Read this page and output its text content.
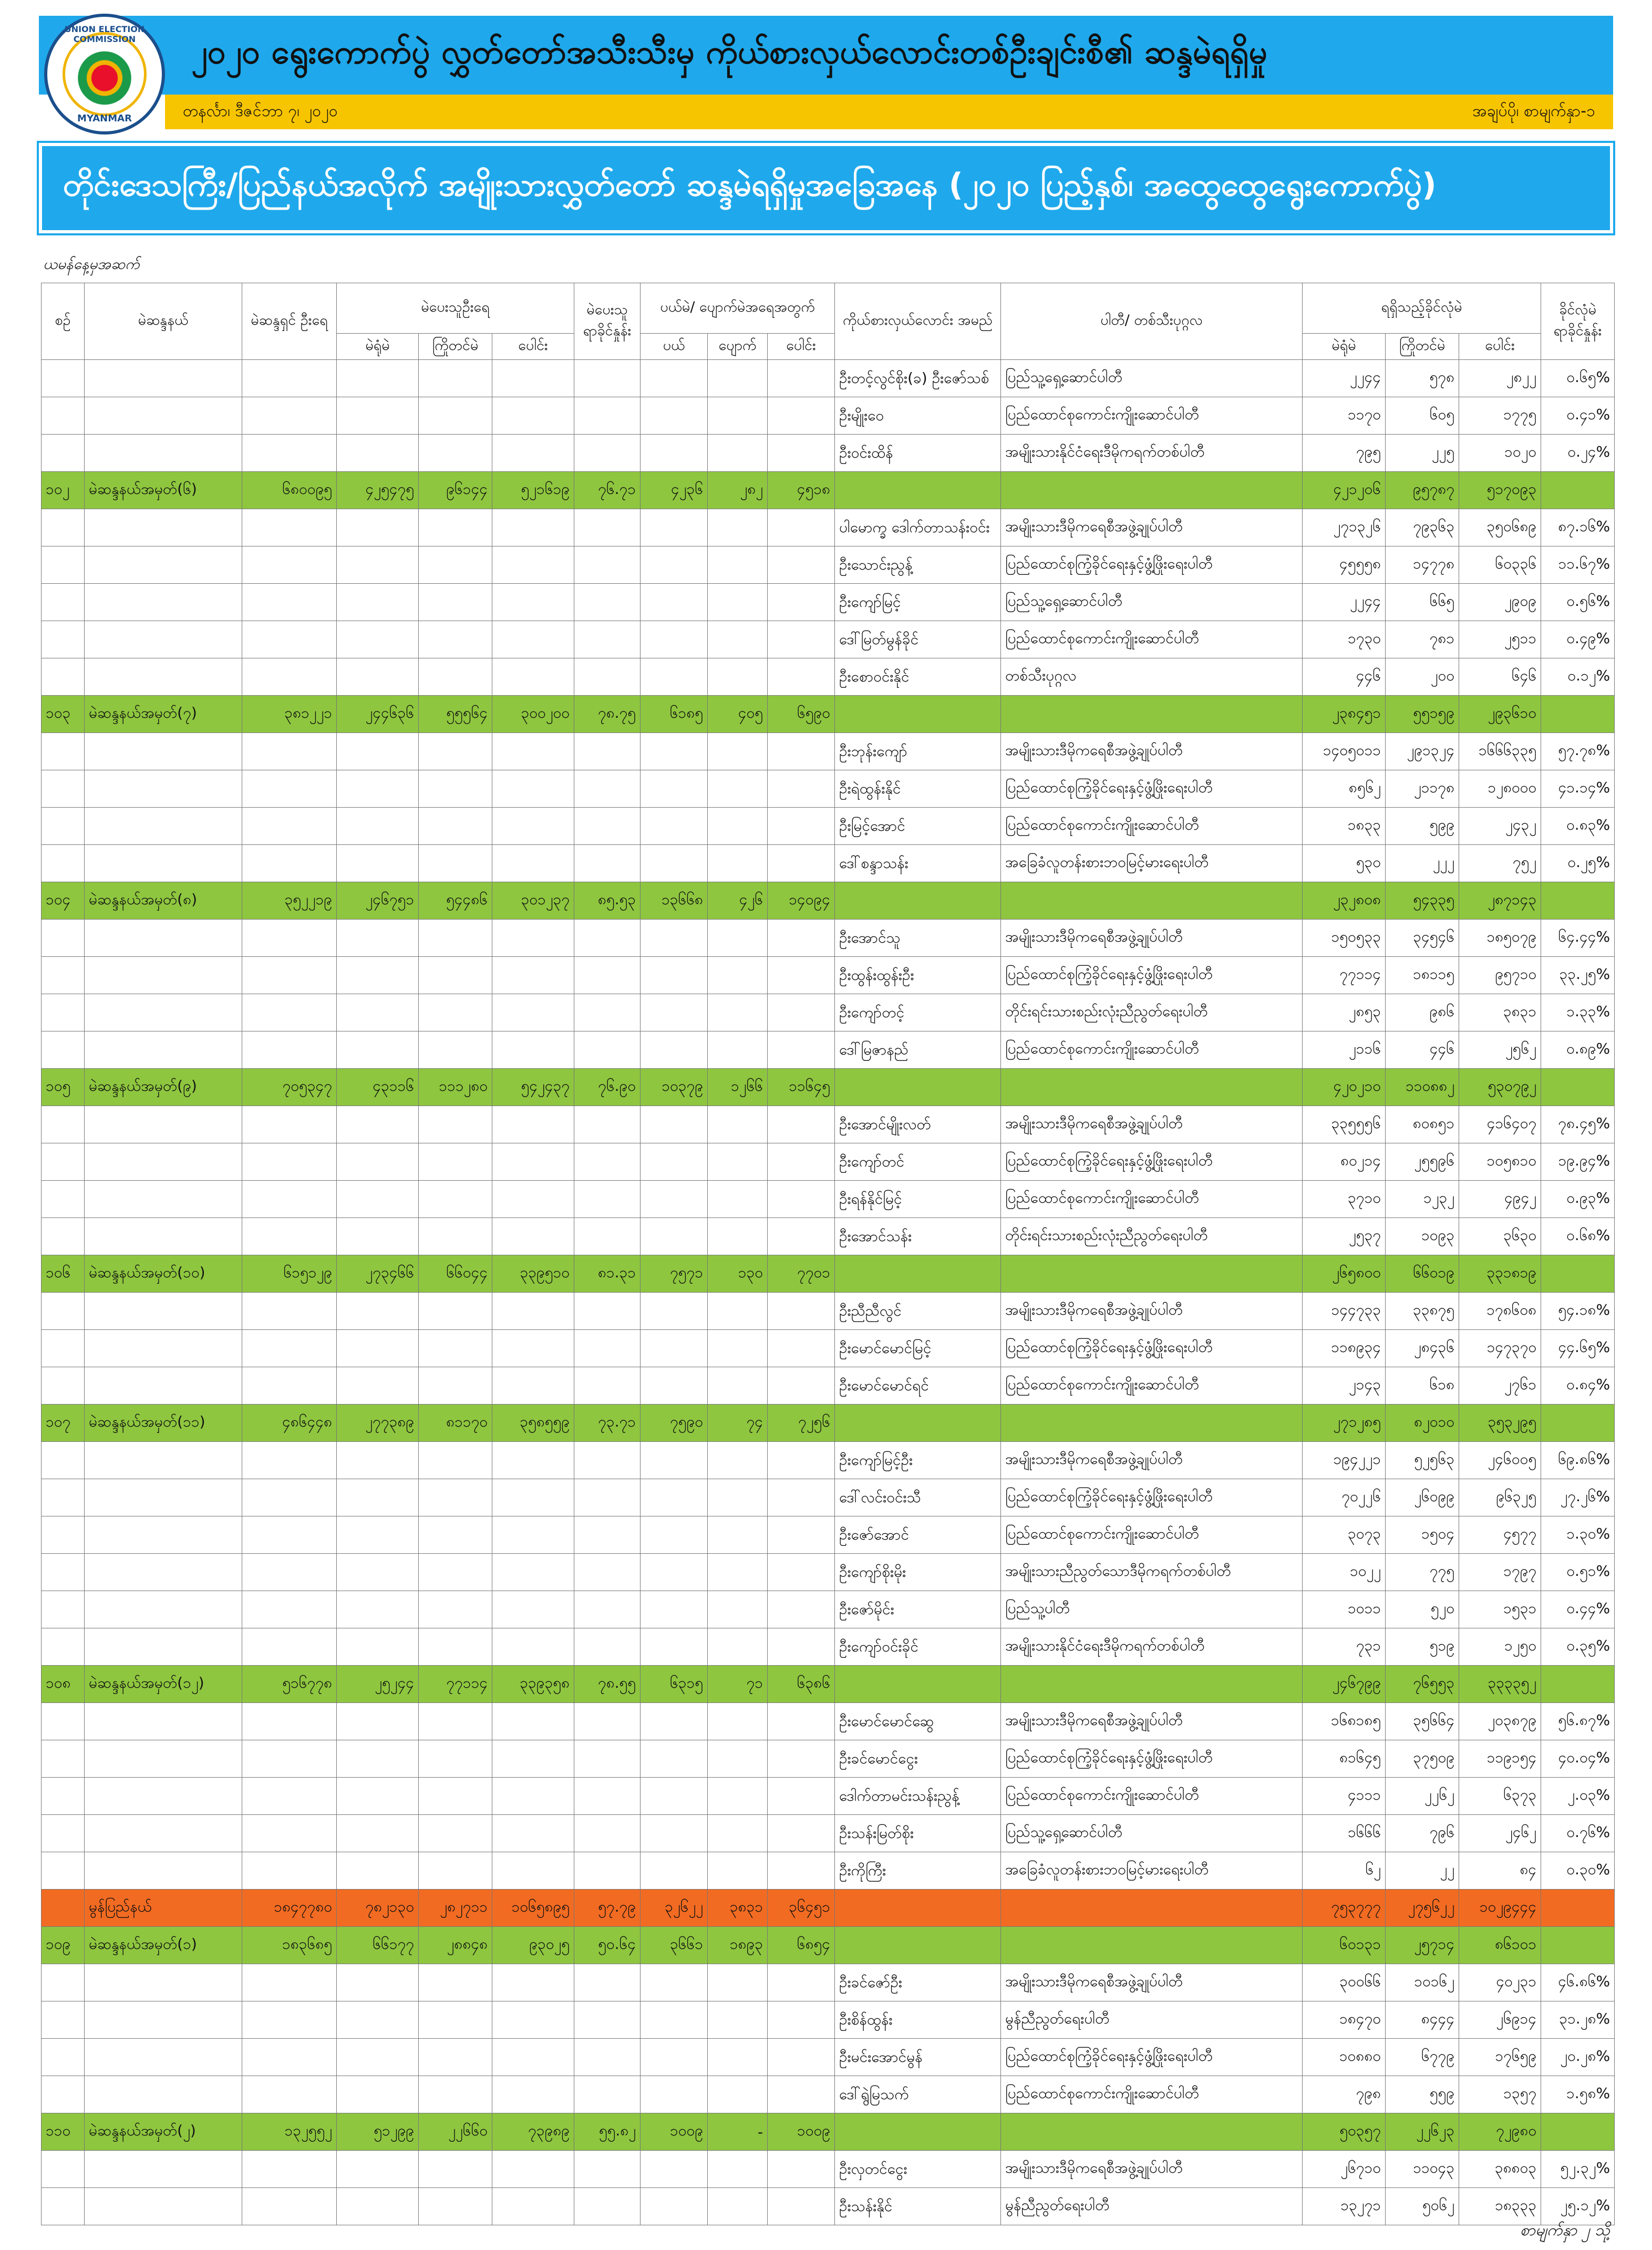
UNION ELECTION COMMISSION
MYANMAR
၂၀၂၀ ရွေးကောက်ပွဲ လွှတ်တော်အသီးသီးမှ ကိုယ်စားလှယ်လောင်းတစ်ဦးချင်းစီ၏ ဆန္ဒမဲရရှိမှု
တနင်္လာ၊ ဒီဇင်ဘာ ၇၊ ၂၀၂၀	အချပ်ပို၊ စာမျက်နှာ-၁
တိုင်းဒေသကြီး/ပြည်နယ်အလိုက် အမျိုးသားလွှတ်တော် ဆန္ဒမဲရရှိမှုအခြေအနေ (၂၀၂၀ ပြည့်နှစ်၊ အထွေထွေရွေးကောက်ပွဲ)
ယမန်နေ့မှအဆက်
စဉ်	မဲဆန္ဒနယ်	မဲဆန္ဒရှင် ဦးရေ	မဲပေးသူဦးရေ			မဲပေးသူ ရာခိုင်နှုန်း	ပယ်မဲ/ ပျောက်မဲအရေအတွက်			ကိုယ်စားလှယ်လောင်း အမည်	ပါတီ/ တစ်သီးပုဂ္ဂလ	ရရှိသည့်ခိုင်လုံမဲ			ခိုင်လုံမဲ ရာခိုင်နှုန်း
			မဲရုံမဲ	ကြိုတင်မဲ	ပေါင်း		ပယ်	ပျောက်	ပေါင်း			မဲရုံမဲ	ကြိုတင်မဲ	ပေါင်း	
										ဦးတင့်လွင်စိုး(ခ) ဦးဇော်သစ်	ပြည်သူ့ရှေ့ဆောင်ပါတီ	၂၂၄၄	၅၇၈	၂၈၂၂	၀.၆၅%
										ဦးမျိုးဝေ	ပြည်ထောင်စုကောင်းကျိုးဆောင်ပါတီ	၁၁၇၀	၆၀၅	၁၇၇၅	၀.၄၁%
										ဦးဝင်းထိန်	အမျိုးသားနိုင်ငံရေးဒီမိုကရက်တစ်ပါတီ	၇၉၅	၂၂၅	၁၀၂၀	၀.၂၄%
၁၀၂	မဲဆန္ဒနယ်အမှတ်(၆)	၆၈၀၀၉၅	၄၂၅၄၇၅	၉၆၁၄၄	၅၂၁၆၁၉	၇၆.၇၁	၄၂၃၆	၂၈၂	၄၅၁၈			၄၂၁၂၀၆	၉၅၇၈၇	၅၁၇၀၉၃	
										ပါမောက္ခ ဒေါက်တာသန်းဝင်း	အမျိုးသားဒီမိုကရေစီအဖွဲ့ချုပ်ပါတီ	၂၇၁၃၂၆	၇၉၃၆၃	၃၅၀၆၈၉	၈၇.၁၆%
										ဦးသောင်းညွန့်	ပြည်ထောင်စုကြံ့ခိုင်ရေးနှင့်ဖွံ့ဖြိုးရေးပါတီ	၄၅၅၅၈	၁၄၇၇၈	၆၀၃၃၆	၁၁.၆၇%
										ဦးကျော်မြင့်	ပြည်သူ့ရှေ့ဆောင်ပါတီ	၂၂၄၄	၆၆၅	၂၉၀၉	၀.၅၆%
										ဒေါ်မြတ်မွန်ခိုင်	ပြည်ထောင်စုကောင်းကျိုးဆောင်ပါတီ	၁၇၃၀	၇၈၁	၂၅၁၁	၀.၄၉%
										ဦးစောဝင်းနိုင်	တစ်သီးပုဂ္ဂလ	၄၄၆	၂၀၀	၆၄၆	၀.၁၂%
၁၀၃	မဲဆန္ဒနယ်အမှတ်(၇)	၃၈၁၂၂၁	၂၄၄၆၃၆	၅၅၅၆၄	၃၀၀၂၀၀	၇၈.၇၅	၆၁၈၅	၄၀၅	၆၅၉၀			၂၃၈၄၅၁	၅၅၁၅၉	၂၉၃၆၁၀	
										ဦးဘုန်းကျော်	အမျိုးသားဒီမိုကရေစီအဖွဲ့ချုပ်ပါတီ	၁၄၀၅၀၁၁	၂၉၁၃၂၄	၁၆၆၆၃၃၅	၅၇.၇၈%
										ဦးရဲထွန်းနိုင်	ပြည်ထောင်စုကြံ့ခိုင်ရေးနှင့်ဖွံ့ဖြိုးရေးပါတီ	၈၅၆၂	၂၁၁၇၈	၁၂၈၀၀၀	၄၁.၁၄%
										ဦးမြင့်အောင်	ပြည်ထောင်စုကောင်းကျိုးဆောင်ပါတီ	၁၈၃၃	၅၉၉	၂၄၃၂	၀.၈၃%
										ဒေါ်စန္ဒာသန်း	အခြေခံလူတန်းစားဘဝမြင့်မားရေးပါတီ	၅၃၀	၂၂၂	၇၅၂	၀.၂၅%
၁၀၄	မဲဆန္ဒနယ်အမှတ်(၈)	၃၅၂၂၁၉	၂၄၆၇၅၁	၅၄၄၈၆	၃၀၁၂၃၇	၈၅.၅၃	၁၃၆၆၈	၄၂၆	၁၄၀၉၄			၂၃၂၈၀၈	၅၄၃၃၅	၂၈၇၁၄၃	
										ဦးအောင်သူ	အမျိုးသားဒီမိုကရေစီအဖွဲ့ချုပ်ပါတီ	၁၅၀၅၃၃	၃၄၅၄၆	၁၈၅၀၇၉	၆၄.၄၄%
										ဦးထွန်းထွန်းဦး	ပြည်ထောင်စုကြံ့ခိုင်ရေးနှင့်ဖွံ့ဖြိုးရေးပါတီ	၇၇၁၁၄	၁၈၁၁၅	၉၅၇၁၀	၃၃.၂၅%
										ဦးကျော်တင့်	တိုင်းရင်းသားစည်းလုံးညီညွတ်ရေးပါတီ	၂၈၅၃	၉၈၆	၃၈၃၁	၁.၃၃%
										ဒေါ်မြဇာနည်	ပြည်ထောင်စုကောင်းကျိုးဆောင်ပါတီ	၂၁၁၆	၄၄၆	၂၅၆၂	၀.၈၉%
၁၀၅	မဲဆန္ဒနယ်အမှတ်(၉)	၇၀၅၃၄၇	၄၃၁၁၆	၁၁၁၂၈၀	၅၄၂၄၃၇	၇၆.၉၀	၁၀၃၇၉	၁၂၆၆	၁၁၆၄၅			၄၂၀၂၁၀	၁၁၀၈၈၂	၅၃၀၇၉၂	
										ဦးအောင်မျိုးလတ်	အမျိုးသားဒီမိုကရေစီအဖွဲ့ချုပ်ပါတီ	၃၃၅၅၅၆	၈၀၈၅၁	၄၁၆၄၀၇	၇၈.၄၅%
										ဦးကျော်တင်	ပြည်ထောင်စုကြံ့ခိုင်ရေးနှင့်ဖွံ့ဖြိုးရေးပါတီ	၈၀၂၁၄	၂၅၅၉၆	၁၀၅၈၁၀	၁၉.၉၄%
										ဦးရန်နိုင်မြင့်	ပြည်ထောင်စုကောင်းကျိုးဆောင်ပါတီ	၃၇၁၀	၁၂၃၂	၄၉၄၂	၀.၉၃%
										ဦးအောင်သန်း	တိုင်းရင်းသားစည်းလုံးညီညွတ်ရေးပါတီ	၂၅၃၇	၁၀၉၃	၃၆၃၀	၀.၆၈%
၁၀၆	မဲဆန္ဒနယ်အမှတ်(၁၀)	၆၁၅၁၂၉	၂၇၃၄၆၆	၆၆၀၄၄	၃၃၉၅၁၀	၈၁.၃၁	၇၅၇၁	၁၃၀	၇၇၀၁			၂၆၅၈၀၀	၆၆၀၁၉	၃၃၁၈၁၉	
										ဦးညီညီလွင်	အမျိုးသားဒီမိုကရေစီအဖွဲ့ချုပ်ပါတီ	၁၄၄၇၃၃	၃၃၈၇၅	၁၇၈၆၀၈	၅၄.၁၈%
										ဦးမောင်မောင်မြင့်	ပြည်ထောင်စုကြံ့ခိုင်ရေးနှင့်ဖွံ့ဖြိုးရေးပါတီ	၁၁၈၉၃၄	၂၈၄၃၆	၁၄၇၃၇၀	၄၄.၆၅%
										ဦးမောင်မောင်ရင်	ပြည်ထောင်စုကောင်းကျိုးဆောင်ပါတီ	၂၁၄၃	၆၁၈	၂၇၆၁	၀.၈၄%
၁၀၇	မဲဆန္ဒနယ်အမှတ်(၁၁)	၄၈၆၄၄၈	၂၇၇၃၈၉	၈၁၁၇၀	၃၅၈၅၅၉	၇၃.၇၁	၇၅၉၀	၇၄	၇၂၅၆			၂၇၁၂၈၅	၈၂၀၁၀	၃၅၃၂၉၅	
										ဦးကျော်မြင့်ဦး	အမျိုးသားဒီမိုကရေစီအဖွဲ့ချုပ်ပါတီ	၁၉၄၂၂၁	၅၂၅၆၃	၂၄၆၀၀၅	၆၉.၈၆%
										ဒေါ်လင်းဝင်းသီ	ပြည်ထောင်စုကြံ့ခိုင်ရေးနှင့်ဖွံ့ဖြိုးရေးပါတီ	၇၀၂၂၆	၂၆၀၉၉	၉၆၃၂၅	၂၇.၂၆%
										ဦးဇော်အောင်	ပြည်ထောင်စုကောင်းကျိုးဆောင်ပါတီ	၃၀၇၃	၁၅၀၄	၄၅၇၇	၁.၃၀%
										ဦးကျော်စိုးမိုး	အမျိုးသားညီညွတ်သောဒီမိုကရက်တစ်ပါတီ	၁၀၂၂	၇၇၅	၁၇၉၇	၀.၅၁%
										ဦးဇော်မိုင်း	ပြည်သူ့ပါတီ	၁၀၁၁	၅၂၀	၁၅၃၁	၀.၄၄%
										ဦးကျော်ဝင်းခိုင်	အမျိုးသားနိုင်ငံရေးဒီမိုကရက်တစ်ပါတီ	၇၃၁	၅၁၉	၁၂၅၀	၀.၃၅%
၁၀၈	မဲဆန္ဒနယ်အမှတ်(၁၂)	၅၁၆၇၇၈	၂၅၂၄၄	၇၇၁၁၄	၃၃၉၃၅၈	၇၈.၅၅	၆၃၁၅	၇၁	၆၃၈၆			၂၄၆၇၉၉	၇၆၅၅၃	၃၃၃၃၅၂	
										ဦးမောင်မောင်ဆွေ	အမျိုးသားဒီမိုကရေစီအဖွဲ့ချုပ်ပါတီ	၁၆၈၁၈၅	၃၅၆၆၄	၂၀၃၈၇၉	၅၆.၈၇%
										ဦးခင်မောင်ငွေး	ပြည်ထောင်စုကြံ့ခိုင်ရေးနှင့်ဖွံ့ဖြိုးရေးပါတီ	၈၁၆၄၅	၃၇၅၀၉	၁၁၉၁၅၄	၄၀.၀၄%
										ဒေါက်တာမင်းသန်းညွန့်	ပြည်ထောင်စုကောင်းကျိုးဆောင်ပါတီ	၄၁၁၁	၂၂၆၂	၆၃၇၃	၂.၀၃%
										ဦးသန်းမြတ်စိုး	ပြည်သူ့ရှေ့ဆောင်ပါတီ	၁၆၆၆	၇၉၆	၂၄၆၂	၀.၇၆%
										ဦးကိုကြီး	အခြေခံလူတန်းစားဘဝမြင့်မားရေးပါတီ	၆၂	၂၂	၈၄	၀.၃၀%
	မွန်ပြည်နယ်	၁၈၄၇၇၈၀	၇၈၂၁၃၀	၂၈၂၇၁၁	၁၀၆၅၈၉၅	၅၇.၇၉	၃၂၆၂၂	၃၈၃၁	၃၆၄၅၁			၇၅၃၇၇၇	၂၇၅၆၂၂	၁၀၂၉၄၄၄	
၁၀၉	မဲဆန္ဒနယ်အမှတ်(၁)	၁၈၃၆၈၅	၆၆၁၇၇	၂၈၈၄၈	၉၃၀၂၅	၅၀.၆၄	၃၆၆၁	၁၈၉၃	၆၈၅၄			၆၀၁၃၁	၂၅၇၁၄	၈၆၁၀၁	
										ဦးခင်ဇော်ဦး	အမျိုးသားဒီမိုကရေစီအဖွဲ့ချုပ်ပါတီ	၃၀၀၆၆	၁၀၁၆၂	၄၀၂၃၁	၄၆.၈၆%
										ဦးစိန်ထွန်း	မွန်ညီညွတ်ရေးပါတီ	၁၈၄၇၀	၈၄၄၄	၂၆၉၁၄	၃၁.၂၈%
										ဦးမင်းအောင်မွန်	ပြည်ထောင်စုကြံ့ခိုင်ရေးနှင့်ဖွံ့ဖြိုးရေးပါတီ	၁၀၈၈၀	၆၇၇၉	၁၇၆၅၉	၂၀.၂၈%
										ဒေါ်ရွဲမြသက်	ပြည်ထောင်စုကောင်းကျိုးဆောင်ပါတီ	၇၉၈	၅၅၉	၁၃၅၇	၁.၅၈%
၁၁၀	မဲဆန္ဒနယ်အမှတ်(၂)	၁၃၂၅၅၂	၅၁၂၉၉	၂၂၆၆၀	၇၃၉၈၉	၅၅.၈၂	၁၀၀၉	-	၁၀၀၉			၅၀၃၅၇	၂၂၆၂၃	၇၂၉၈၀	
										ဦးလှတင်ငွေး	အမျိုးသားဒီမိုကရေစီအဖွဲ့ချုပ်ပါတီ	၂၆၇၁၀	၁၁၀၄၃	၃၈၈၀၃	၅၂.၃၂%
										ဦးသန်းနိုင်	မွန်ညီညွတ်ရေးပါတီ	၁၃၂၇၁	၅၀၆၂	၁၈၃၃၃	၂၅.၁၂%
စာမျက်နှာ ၂ သို့
